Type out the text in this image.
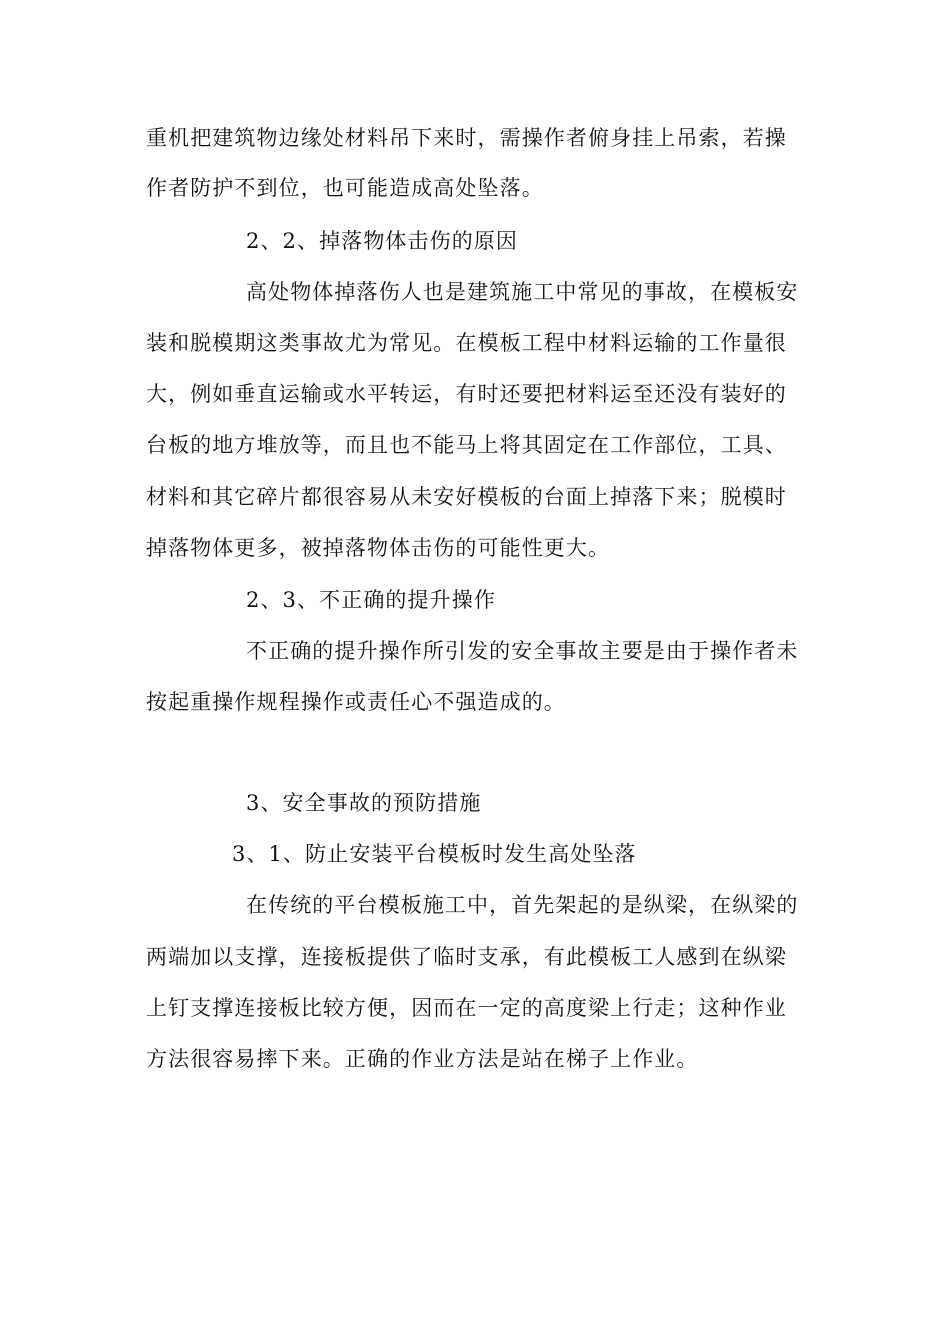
重机把建筑物边缘处材料吊下来时，需操作者俯身挂上吊索，若操
作者防护不到位，也可能造成高处坠落。
2、2、掉落物体击伤的原因
高处物体掉落伤人也是建筑施工中常见的事故，在模板安
装和脱模期这类事故尤为常见。在模板工程中材料运输的工作量很
大，例如垂直运输或水平转运，有时还要把材料运至还没有装好的
台板的地方堆放等，而且也不能马上将其固定在工作部位，工具、
材料和其它碎片都很容易从未安好模板的台面上掉落下来；脱模时
掉落物体更多，被掉落物体击伤的可能性更大。
2、3、不正确的提升操作
不正确的提升操作所引发的安全事故主要是由于操作者未
按起重操作规程操作或责任心不强造成的。
3、安全事故的预防措施
3、1、防止安装平台模板时发生高处坠落
在传统的平台模板施工中，首先架起的是纵梁，在纵梁的
两端加以支撑，连接板提供了临时支承，有此模板工人感到在纵梁
上钉支撑连接板比较方便，因而在一定的高度梁上行走；这种作业
方法很容易摔下来。正确的作业方法是站在梯子上作业。
